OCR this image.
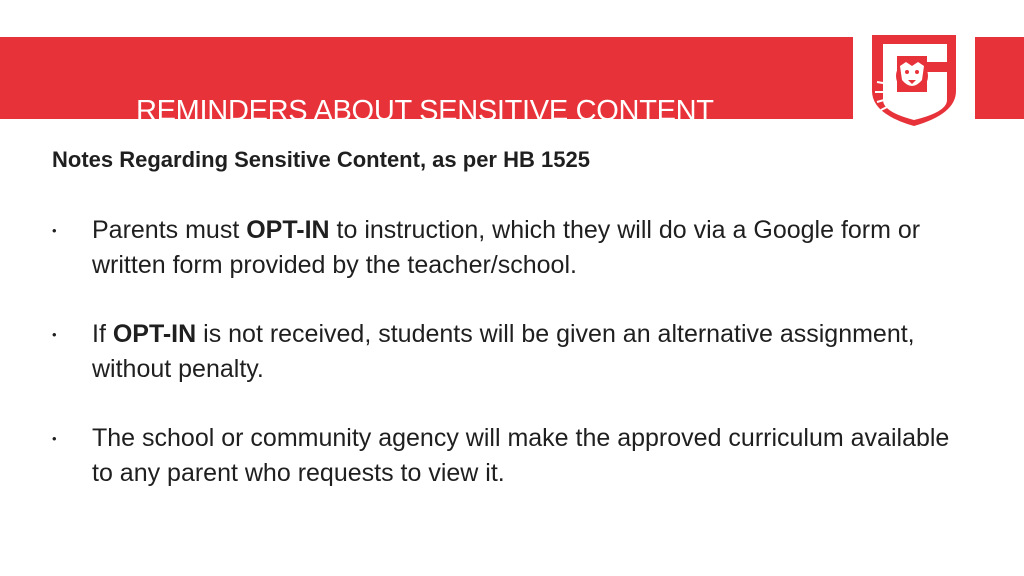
REMINDERS ABOUT SENSITIVE CONTENT
Notes Regarding Sensitive Content, as per HB 1525
• Parents must OPT-IN to instruction, which they will do via a Google form or written form provided by the teacher/school.
• If OPT-IN is not received, students will be given an alternative assignment, without penalty.
• The school or community agency will make the approved curriculum available to any parent who requests to view it.
